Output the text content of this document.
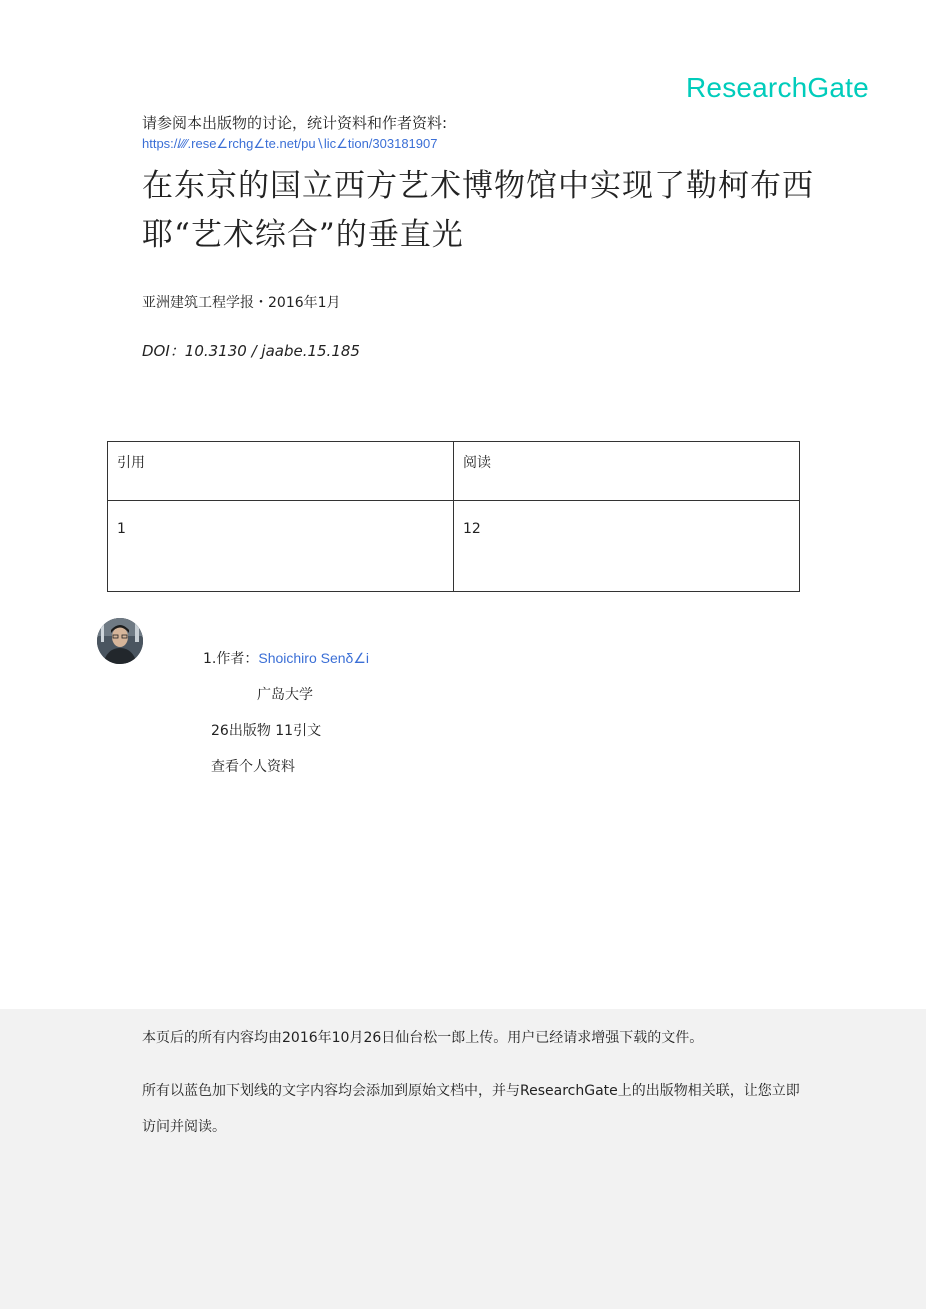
ResearchGate
请参阅本出版物的讨论，统计资料和作者资料:
https://∕∕∕.rese∠rchg∠te.net/pu∖lic∠tion/303181907
在东京的国立西方艺术博物馆中实现了勒柯布西耶“艺术综合”的垂直光
亚洲建筑工程学报・2016年1月
DOI：10.3130 / jaabe.15.185
引用	阅读
1	12
1.作者：Shoichiro Senδ∠i
广岛大学
26出版物 11引文
查看个人资料
本页后的所有内容均由2016年10月26日仙台松一郎上传。用户已经请求增强下载的文件。

所有以蓝色加下划线的文字内容均会添加到原始文档中，并与ResearchGate上的出版物相关联，让您立即访问并阅读。
